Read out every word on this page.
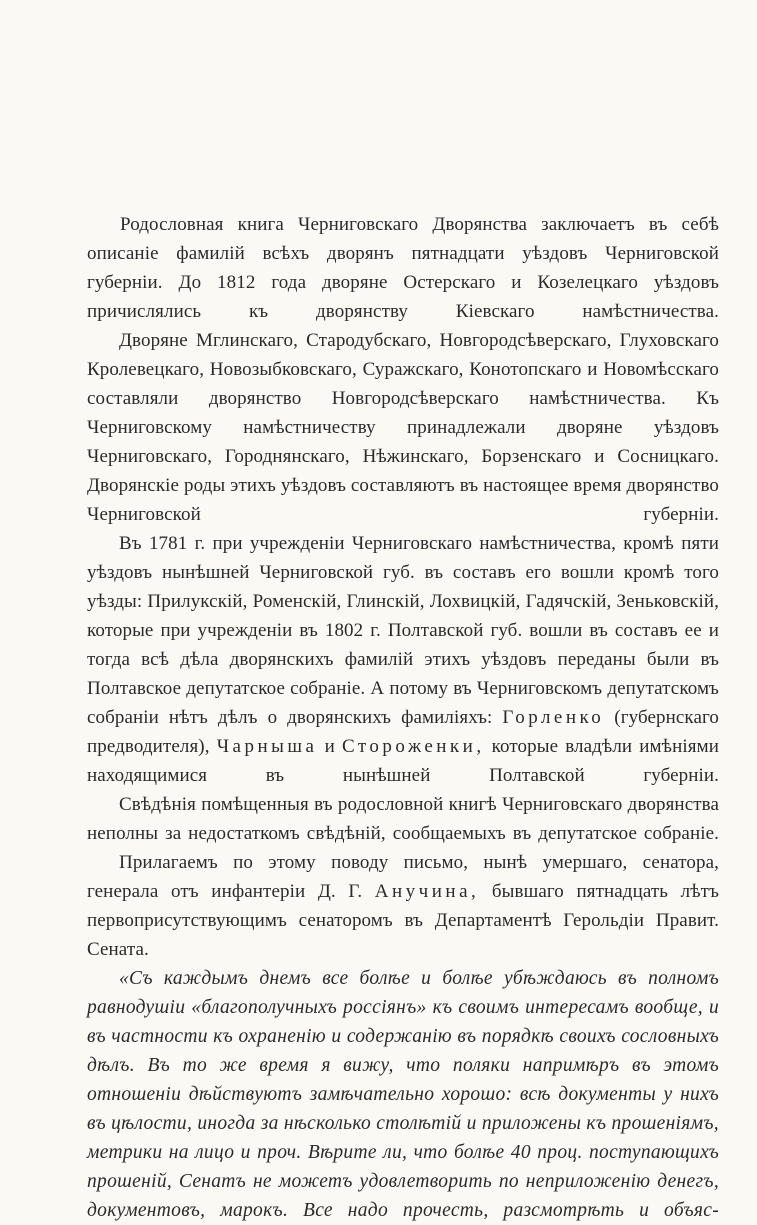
Родословная книга Черниговскаго Дворянства заключаетъ въ себѣ описаніе фамилій всѣхъ дворянъ пятнадцати уѣздовъ Черниговской губерніи. До 1812 года дворяне Остерскаго и Козелецкаго уѣздовъ причислялись къ дворянству Кіевскаго намѣстничества.

Дворяне Мглинскаго, Стародубскаго, Новгородсѣверскаго, Глуховскаго Кролевецкаго, Новозыбковскаго, Суражскаго, Конотопскаго и Новомѣсскаго составляли дворянство Новгородсѣверскаго намѣстничества. Къ Черниговскому намѣстничеству принадлежали дворяне уѣздовъ Черниговскаго, Городнянскаго, Нѣжинскаго, Борзенскаго и Сосницкаго. Дворянскіе роды этихъ уѣздовъ составляютъ въ настоящее время дворянство Черниговской губерніи.

Въ 1781 г. при учрежденіи Черниговскаго намѣстничества, кромѣ пяти уѣздовъ нынѣшней Черниговской губ. въ составъ его вошли кромѣ того уѣзды: Прилукскій, Роменскій, Глинскій, Лохвицкій, Гадячскій, Зеньковскій, которые при учрежденіи въ 1802 г. Полтавской губ. вошли въ составъ ее и тогда всѣ дѣла дворянскихъ фамилій этихъ уѣздовъ переданы были въ Полтавское депутатское собраніе. А потому въ Черниговскомъ депутатскомъ собраніи нѣтъ дѣлъ о дворянскихъ фамиліяхъ: Горленко (губернскаго предводителя), Чарныша и Стороженки, которые владѣли имѣніями находящимися въ нынѣшней Полтавской губерніи.

Свѣдѣнія помѣщенныя въ родословной книгѣ Черниговскаго дворянства неполны за недостаткомъ свѣдѣній, сообщаемыхъ въ депутатское собраніе.

Прилагаемъ по этому поводу письмо, нынѣ умершаго, сенатора, генерала отъ инфантеріи Д. Г. Анучина, бывшаго пятнадцать лѣтъ первоприсутствующимъ сенаторомъ въ Департаментѣ Герольдіи Правит. Сената.

«Съ каждымъ днемъ все болѣе и болѣе убѣждаюсь въ полномъ равнодушіи «благополучныхъ россіянъ» къ своимъ интересамъ вообще, и въ частности къ охраненію и содержанію въ порядкѣ своихъ сословныхъ дѣлъ. Въ то же время я вижу, что поляки напримѣръ въ этомъ отношеніи дѣйствуютъ замѣчательно хорошо: всѣ документы у нихъ въ цѣлости, иногда за нѣсколько столѣтій и приложены къ прошеніямъ, метрики на лицо и проч. Вѣрите ли, что болѣе 40 проц. поступающихъ прошеній, Сенатъ не можетъ удовлетворить по неприложенію денегъ, документовъ, марокъ. Все надо прочесть, разсмотрѣть и объяс-
